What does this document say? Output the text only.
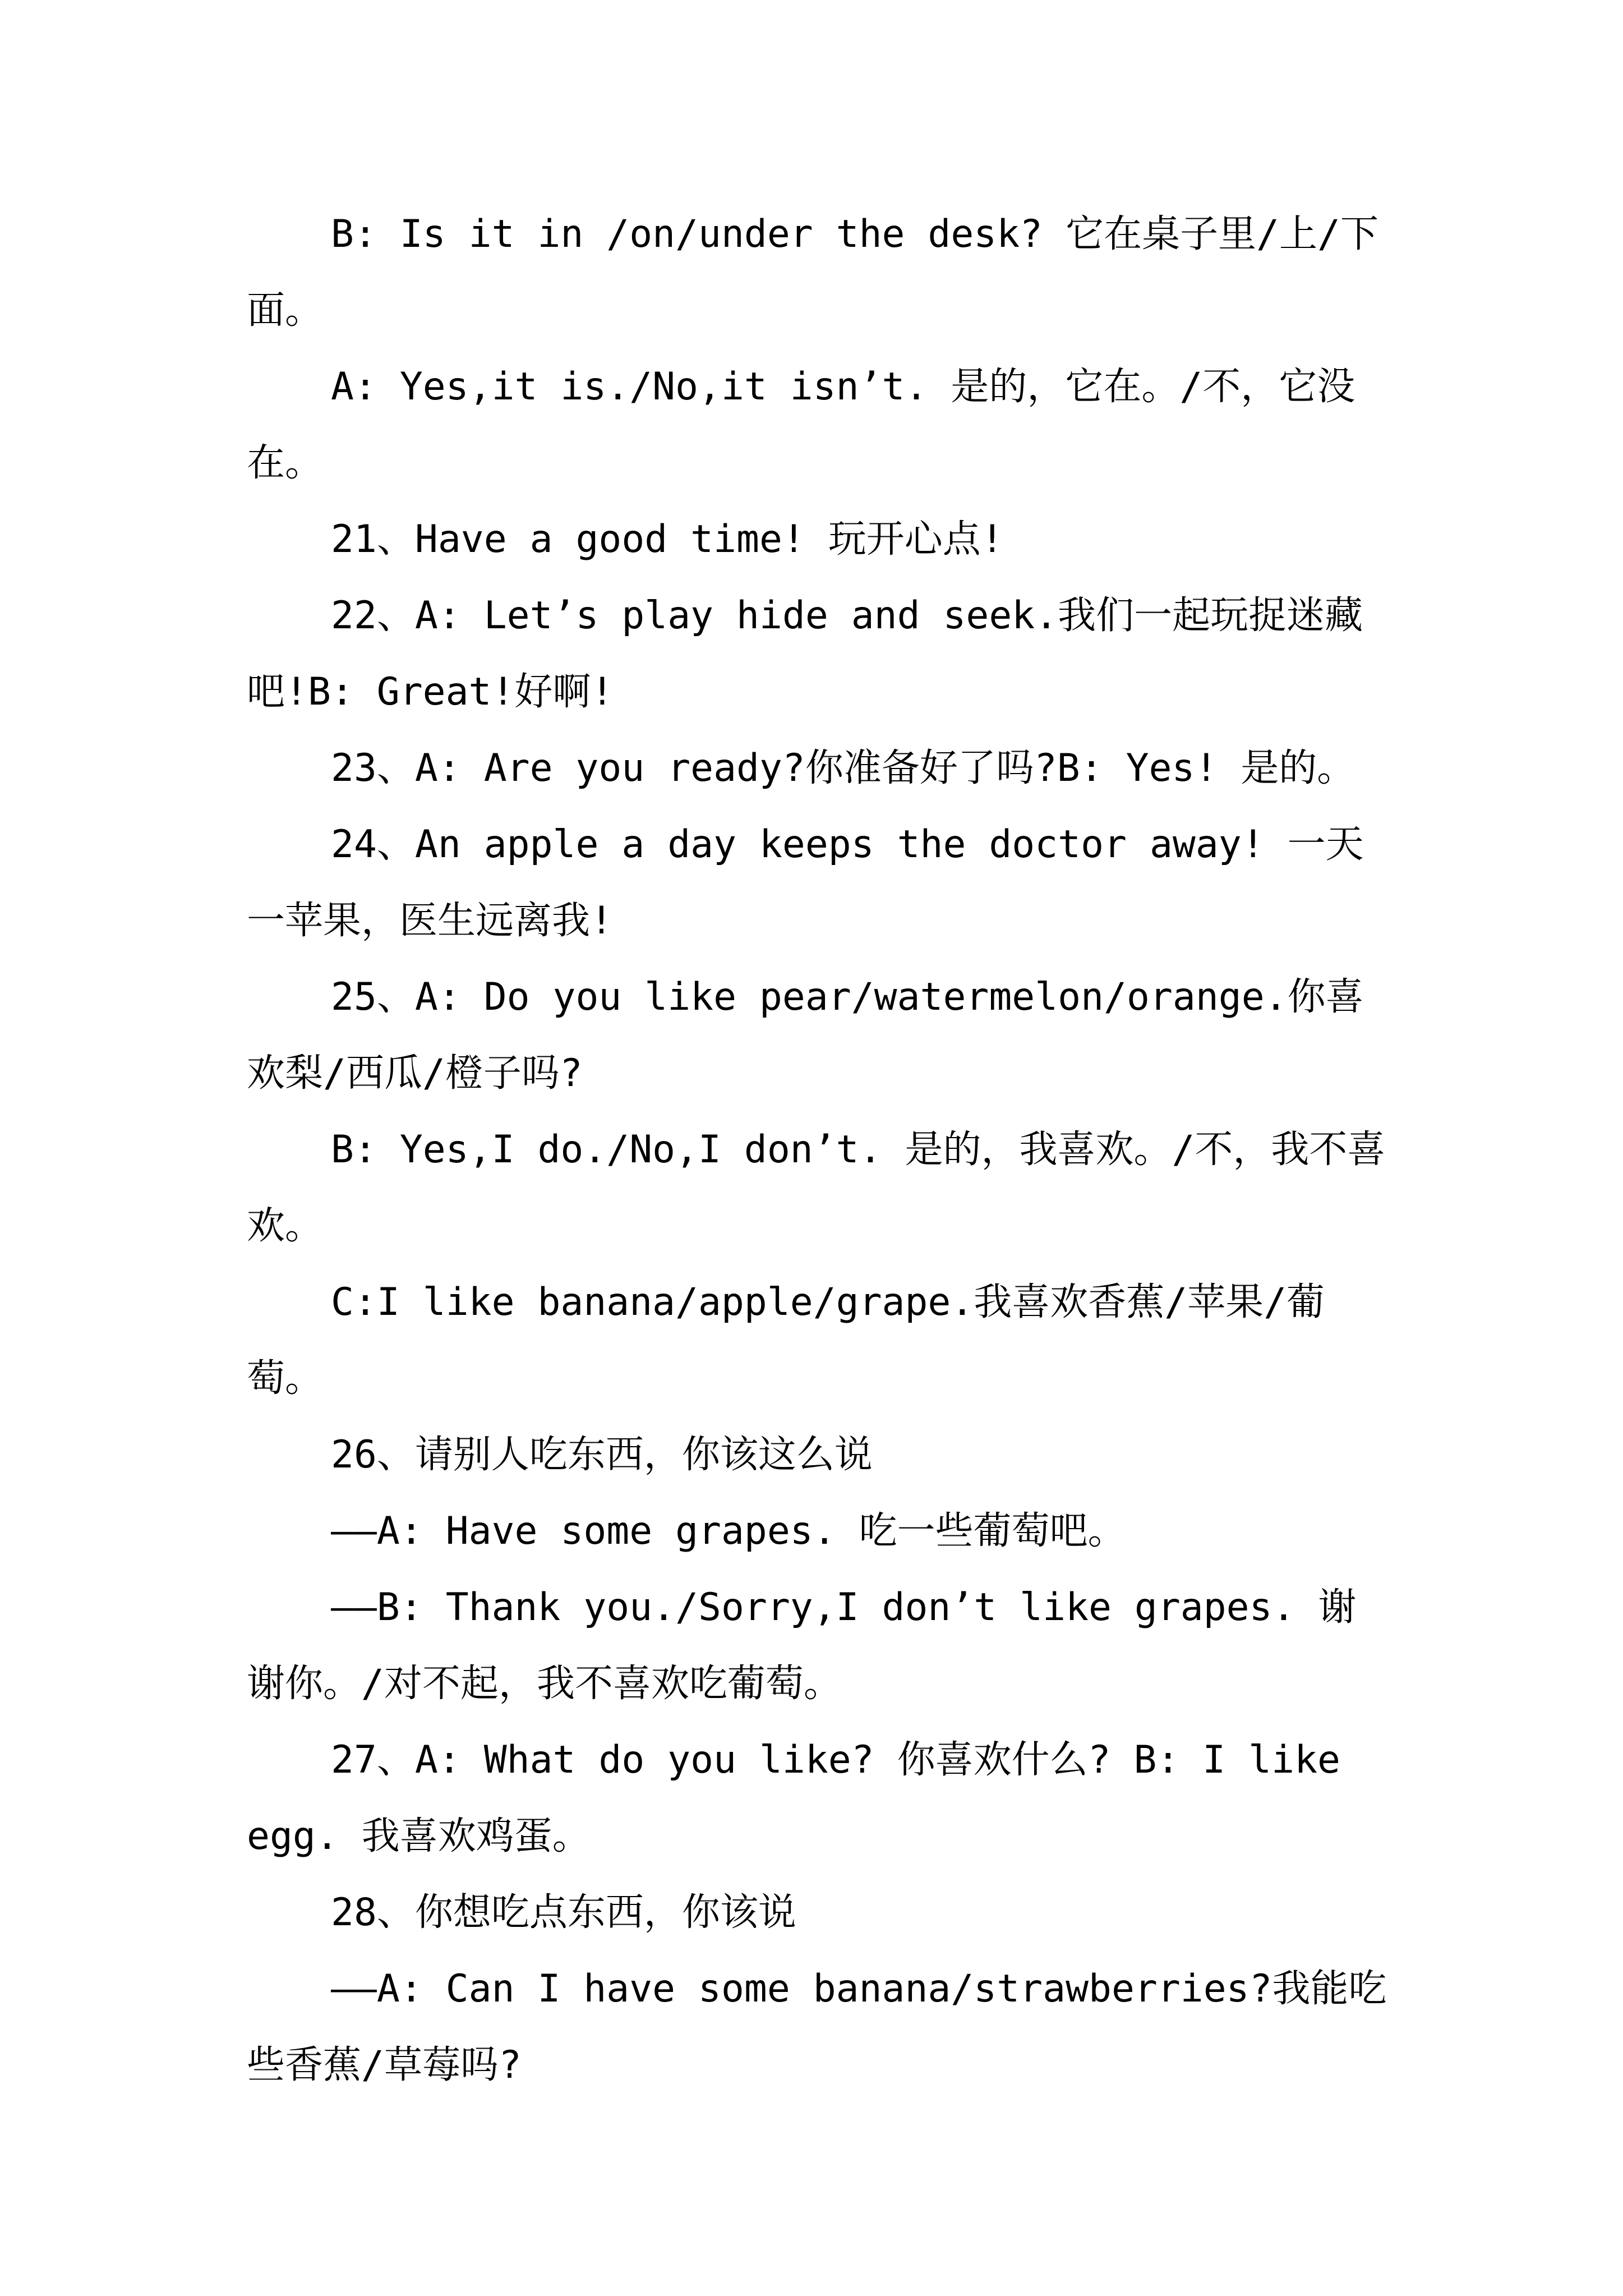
B: Is it in /on/under the desk? 它在桌子里/上/下面。

A: Yes,it is./No,it isn’t. 是的，它在。/不，它没在。

21、Have a good time! 玩开心点!

22、A: Let’s play hide and seek.我们一起玩捉迷藏吧!B: Great!好啊!

23、A: Are you ready?你准备好了吗?B: Yes! 是的。

24、An apple a day keeps the doctor away! 一天一苹果，医生远离我!

25、A: Do you like pear/watermelon/orange.你喜欢梨/西瓜/橙子吗?

B: Yes,I do./No,I don’t. 是的，我喜欢。/不，我不喜欢。

C:I like banana/apple/grape.我喜欢香蕉/苹果/葡萄。

26、请别人吃东西，你该这么说

——A: Have some grapes. 吃一些葡萄吧。

——B: Thank you./Sorry,I don’t like grapes. 谢谢你。/对不起，我不喜欢吃葡萄。

27、A: What do you like? 你喜欢什么? B: I like egg. 我喜欢鸡蛋。

28、你想吃点东西，你该说

——A: Can I have some banana/strawberries?我能吃些香蕉/草莓吗?
